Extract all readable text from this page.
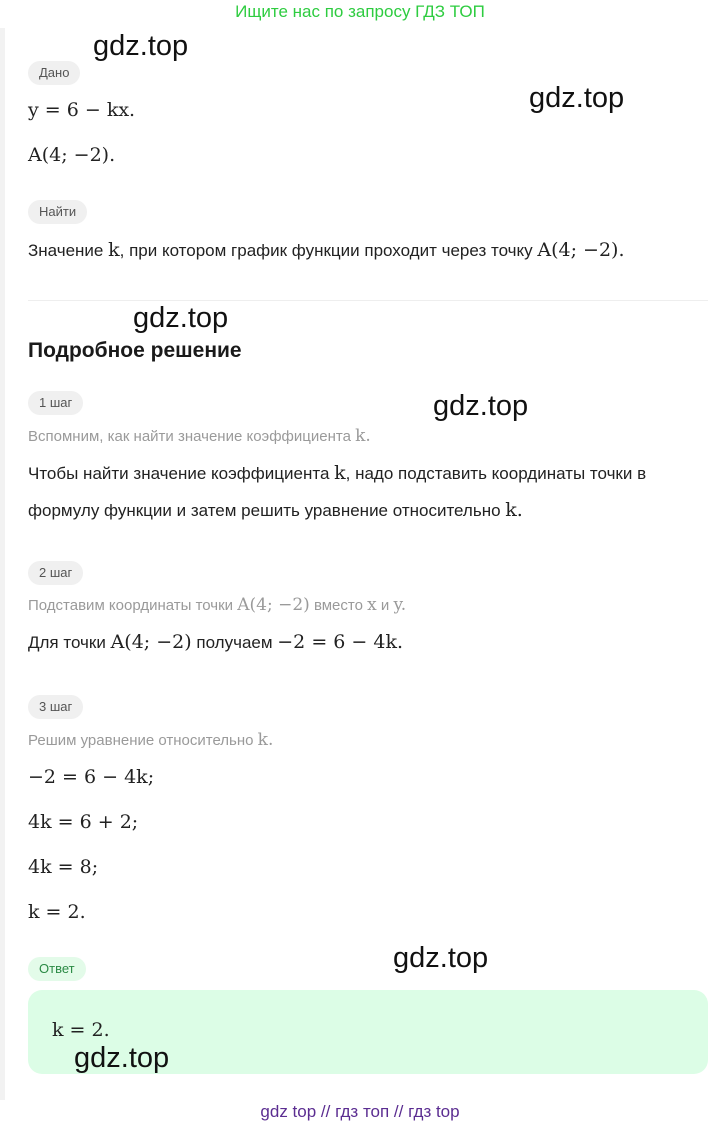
Ищите нас по запросу ГДЗ ТОП
Дано
y = 6 − kx.
A(4; −2).
Найти
Значение k, при котором график функции проходит через точку A(4; −2).
Подробное решение
1 шаг
Вспомним, как найти значение коэффициента k.
Чтобы найти значение коэффициента k, надо подставить координаты точки в
формулу функции и затем решить уравнение относительно k.
2 шаг
Подставим координаты точки A(4; −2) вместо x и y.
Для точки A(4; −2) получаем −2 = 6 − 4k.
3 шаг
Решим уравнение относительно k.
−2 = 6 − 4k;
4k = 6 + 2;
4k = 8;
k = 2.
Ответ
k = 2.
gdz.top
gdz.top
gdz.top
gdz.top
gdz.top
gdz.top
gdz top // гдз топ // гдз top
